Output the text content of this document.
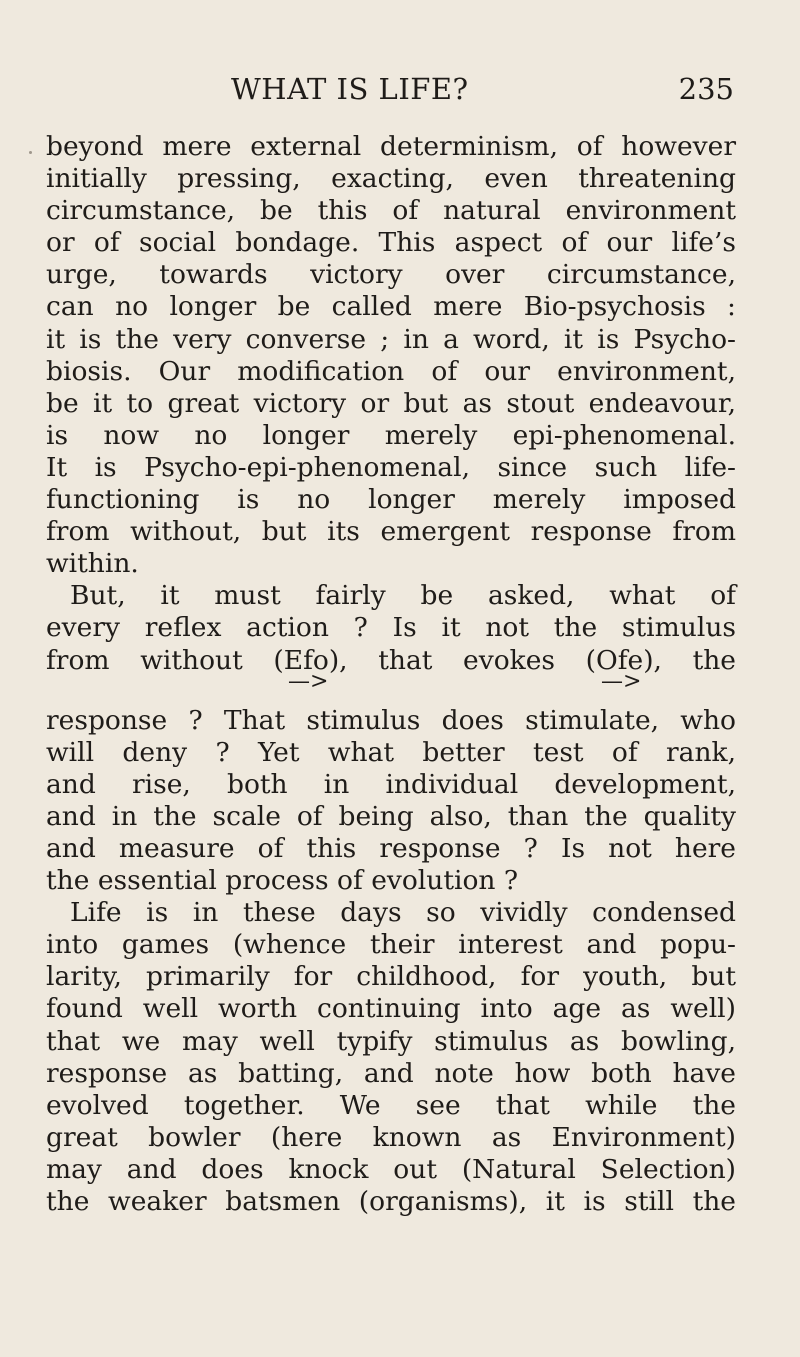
WHAT IS LIFE?	235
beyond mere external determinism, of however
initially pressing, exacting, even threatening
circumstance, be this of natural environment
or of social bondage. This aspect of our life’s
urge, towards victory over circumstance,
can no longer be called mere Bio-psychosis :
it is the very converse ; in a word, it is Psycho-
biosis. Our modification of our environment,
be it to great victory or but as stout endeavour,
is now no longer merely epi-phenomenal.
It is Psycho-epi-phenomenal, since such life-
functioning is no longer merely imposed
from without, but its emergent response from
within.
But, it must fairly be asked, what of
every reflex action ? Is it not the stimulus
from without (Efo), that evokes (Ofe), the
—>	—>
response ? That stimulus does stimulate, who
will deny ? Yet what better test of rank,
and rise, both in individual development,
and in the scale of being also, than the quality
and measure of this response ? Is not here
the essential process of evolution ?
Life is in these days so vividly condensed
into games (whence their interest and popu-
larity, primarily for childhood, for youth, but
found well worth continuing into age as well)
that we may well typify stimulus as bowling,
response as batting, and note how both have
evolved together. We see that while the
great bowler (here known as Environment)
may and does knock out (Natural Selection)
the weaker batsmen (organisms), it is still the
